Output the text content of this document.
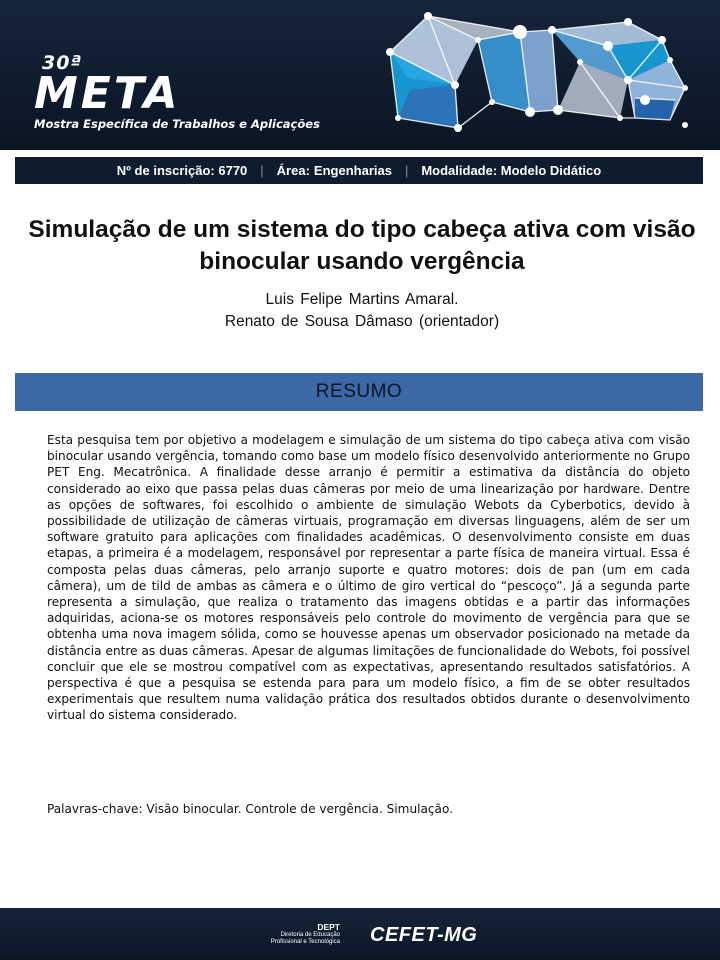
30ª
META
Mostra Específica de Trabalhos e Aplicações
Nº de inscrição: 6770 | Área: Engenharias | Modalidade: Modelo Didático
Simulação de um sistema do tipo cabeça ativa com visão binocular usando vergência
Luis Felipe Martins Amaral.
Renato de Sousa Dâmaso (orientador)
RESUMO

Esta pesquisa tem por objetivo a modelagem e simulação de um sistema do tipo cabeça ativa com visão binocular usando vergência, tomando como base um modelo físico desenvolvido anteriormente no Grupo PET Eng. Mecatrônica. A finalidade desse arranjo é permitir a estimativa da distância do objeto considerado ao eixo que passa pelas duas câmeras por meio de uma linearização por hardware. Dentre as opções de softwares, foi escolhido o ambiente de simulação Webots da Cyberbotics, devido à possibilidade de utilização de câmeras virtuais, programação em diversas linguagens, além de ser um software gratuito para aplicações com finalidades acadêmicas. O desenvolvimento consiste em duas etapas, a primeira é a modelagem, responsável por representar a parte física de maneira virtual. Essa é composta pelas duas câmeras, pelo arranjo suporte e quatro motores: dois de pan (um em cada câmera), um de tild de ambas as câmera e o último de giro vertical do “pescoço”. Já a segunda parte representa a simulação, que realiza o tratamento das imagens obtidas e a partir das informações adquiridas, aciona-se os motores responsáveis pelo controle do movimento de vergência para que se obtenha uma nova imagem sólida, como se houvesse apenas um observador posicionado na metade da distância entre as duas câmeras. Apesar de algumas limitações de funcionalidade do Webots, foi possível concluir que ele se mostrou compatível com as expectativas, apresentando resultados satisfatórios. A perspectiva é que a pesquisa se estenda para para um modelo físico, a fim de se obter resultados experimentais que resultem numa validação prática dos resultados obtidos durante o desenvolvimento virtual do sistema considerado.

Palavras-chave: Visão binocular. Controle de vergência. Simulação.

DEPT
Diretoria de Educação
Profissional e Tecnológica CEFET-MG
